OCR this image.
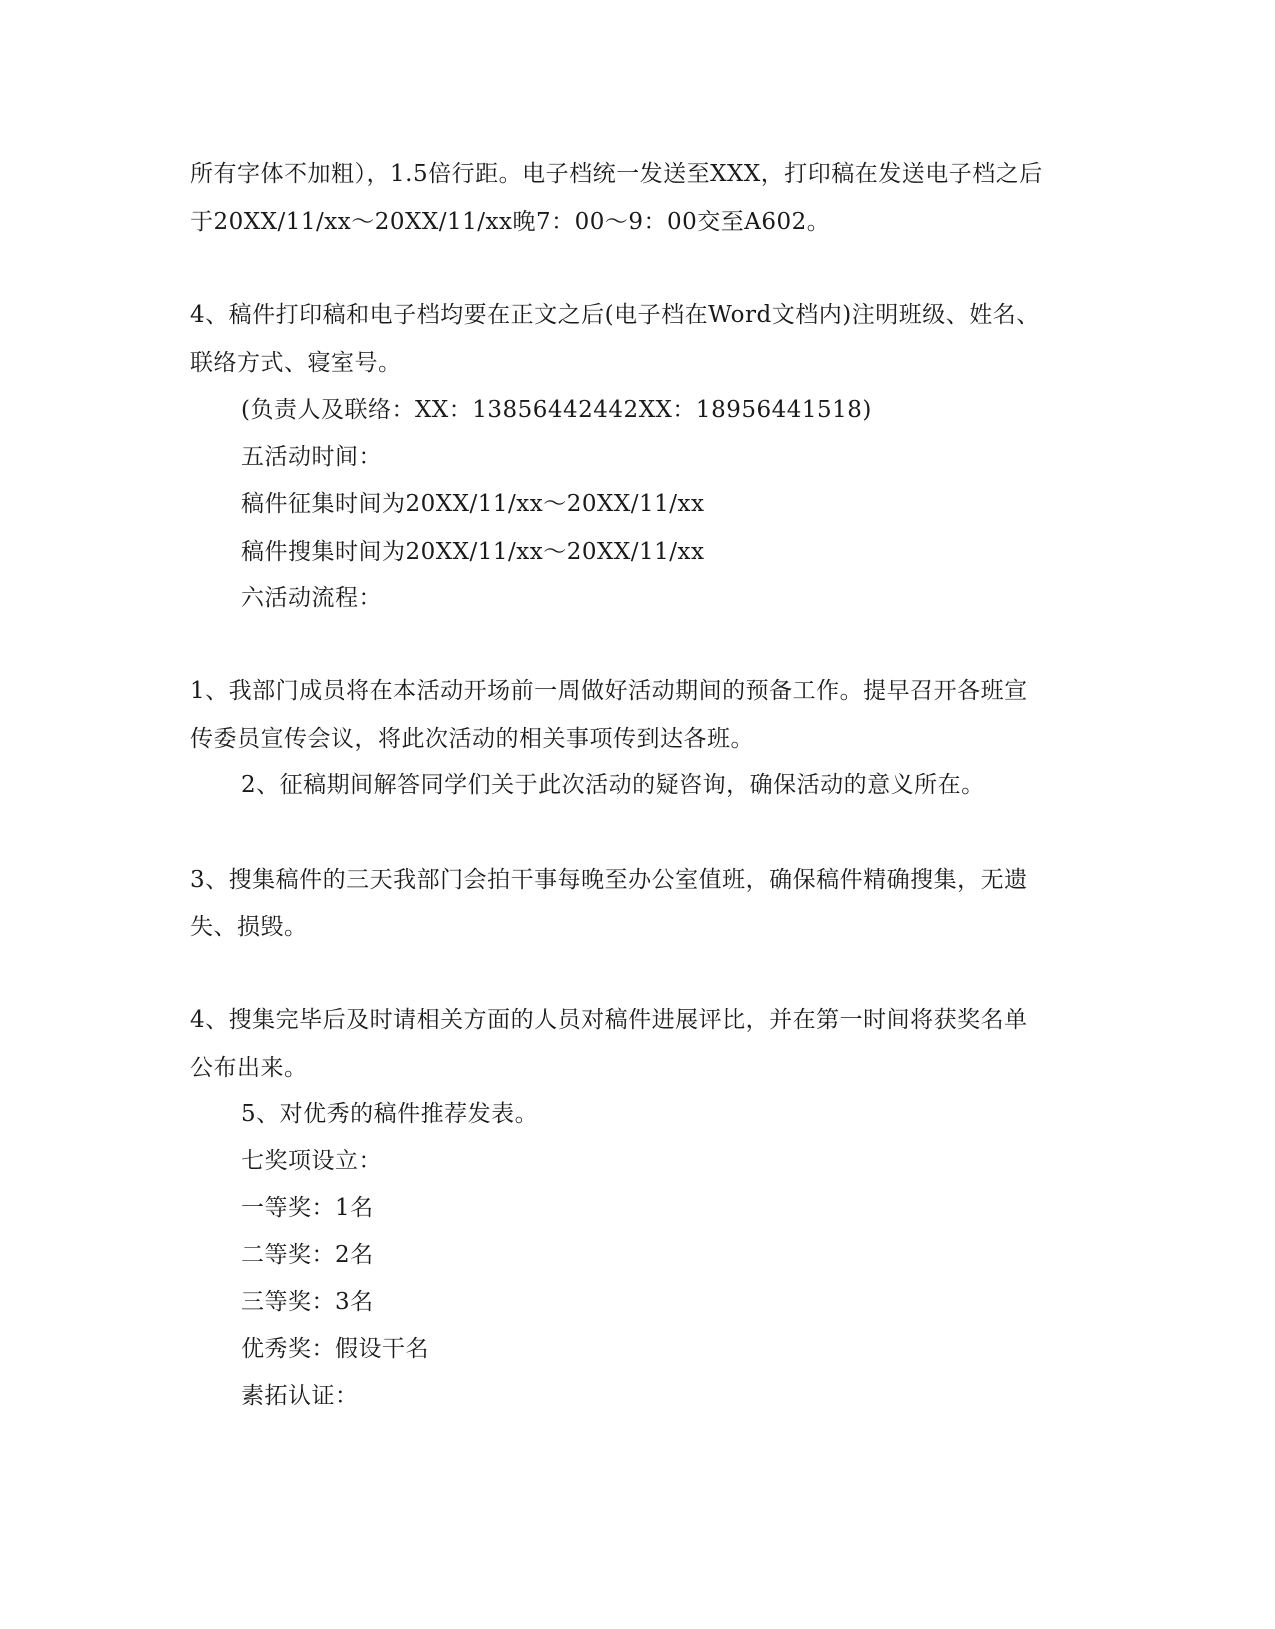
所有字体不加粗），1.5倍行距。电子档统一发送至XXX，打印稿在发送电子档之后

于20XX/11/xx～20XX/11/xx晚7：00～9：00交至A602。

4、稿件打印稿和电子档均要在正文之后(电子档在Word文档内)注明班级、姓名、

联络方式、寝室号。

(负责人及联络：XX：13856442442XX：18956441518)

五活动时间：

稿件征集时间为20XX/11/xx～20XX/11/xx

稿件搜集时间为20XX/11/xx～20XX/11/xx

六活动流程：

1、我部门成员将在本活动开场前一周做好活动期间的预备工作。提早召开各班宣

传委员宣传会议，将此次活动的相关事项传到达各班。

2、征稿期间解答同学们关于此次活动的疑咨询，确保活动的意义所在。

3、搜集稿件的三天我部门会拍干事每晚至办公室值班，确保稿件精确搜集，无遗

失、损毁。

4、搜集完毕后及时请相关方面的人员对稿件进展评比，并在第一时间将获奖名单

公布出来。

5、对优秀的稿件推荐发表。

七奖项设立：

一等奖：1名

二等奖：2名

三等奖：3名

优秀奖：假设干名

素拓认证：
